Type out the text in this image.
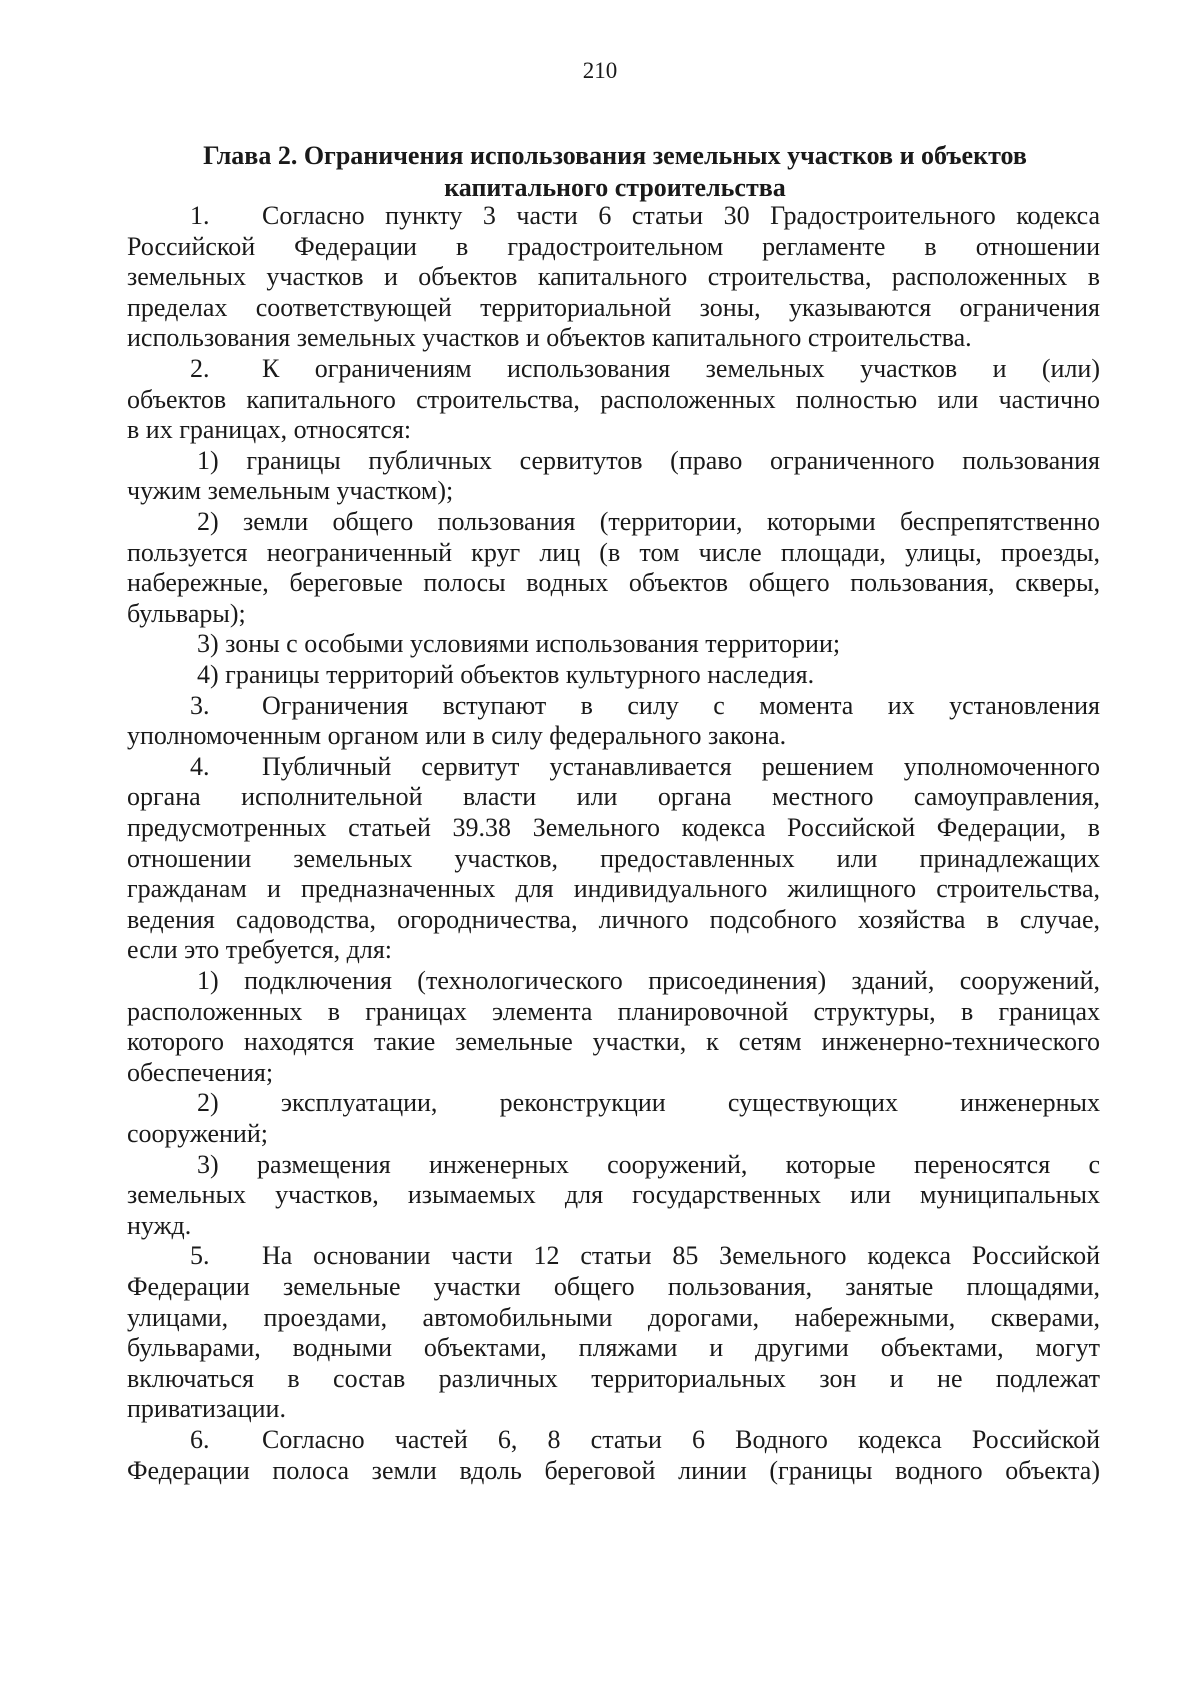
210
Глава 2. Ограничения использования земельных участков и объектов
капитального строительства
1. Согласно пункту 3 части 6 статьи 30 Градостроительного кодекса
Российской Федерации в градостроительном регламенте в отношении
земельных участков и объектов капитального строительства, расположенных в
пределах соответствующей территориальной зоны, указываются ограничения
использования земельных участков и объектов капитального строительства.
2. К ограничениям использования земельных участков и (или)
объектов капитального строительства, расположенных полностью или частично
в их границах, относятся:
1) границы публичных сервитутов (право ограниченного пользования
чужим земельным участком);
2) земли общего пользования (территории, которыми беспрепятственно
пользуется неограниченный круг лиц (в том числе площади, улицы, проезды,
набережные, береговые полосы водных объектов общего пользования, скверы,
бульвары);
3) зоны с особыми условиями использования территории;
4) границы территорий объектов культурного наследия.
3. Ограничения вступают в силу с момента их установления
уполномоченным органом или в силу федерального закона.
4. Публичный сервитут устанавливается решением уполномоченного
органа исполнительной власти или органа местного самоуправления,
предусмотренных статьей 39.38 Земельного кодекса Российской Федерации, в
отношении земельных участков, предоставленных или принадлежащих
гражданам и предназначенных для индивидуального жилищного строительства,
ведения садоводства, огородничества, личного подсобного хозяйства в случае,
если это требуется, для:
1) подключения (технологического присоединения) зданий, сооружений,
расположенных в границах элемента планировочной структуры, в границах
которого находятся такие земельные участки, к сетям инженерно-технического
обеспечения;
2) эксплуатации, реконструкции существующих инженерных
сооружений;
3) размещения инженерных сооружений, которые переносятся с
земельных участков, изымаемых для государственных или муниципальных
нужд.
5. На основании части 12 статьи 85 Земельного кодекса Российской
Федерации земельные участки общего пользования, занятые площадями,
улицами, проездами, автомобильными дорогами, набережными, скверами,
бульварами, водными объектами, пляжами и другими объектами, могут
включаться в состав различных территориальных зон и не подлежат
приватизации.
6. Согласно частей 6, 8 статьи 6 Водного кодекса Российской
Федерации полоса земли вдоль береговой линии (границы водного объекта)
